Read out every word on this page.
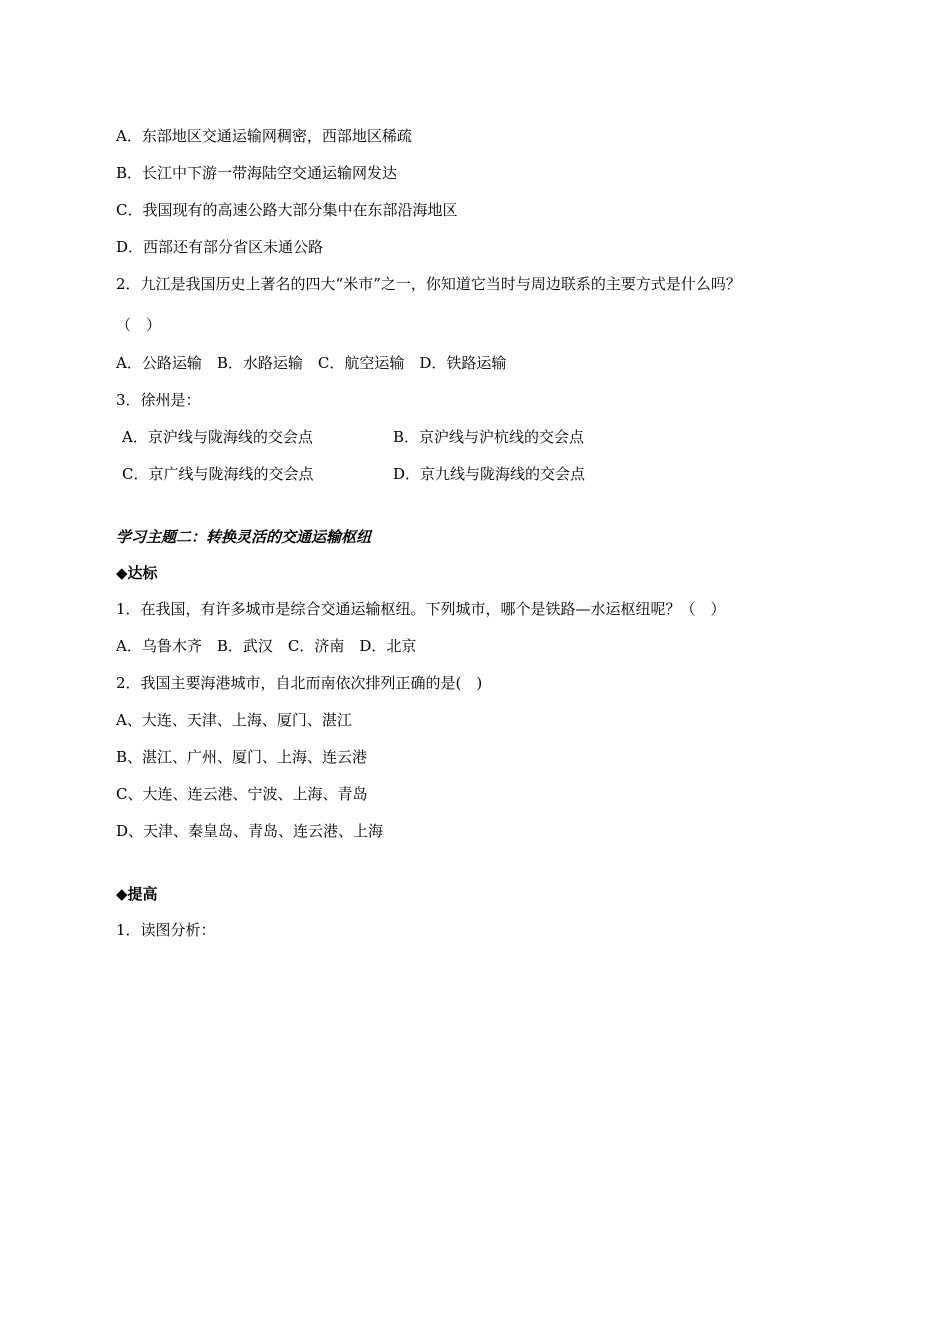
A．东部地区交通运输网稠密，西部地区稀疏
B．长江中下游一带海陆空交通运输网发达
C．我国现有的高速公路大部分集中在东部沿海地区
D．西部还有部分省区未通公路
2．九江是我国历史上著名的四大“米市”之一，你知道它当时与周边联系的主要方式是什么吗？
（　）
A．公路运输　B．水路运输　C．航空运输　D．铁路运输
3．徐州是：
A．京沪线与陇海线的交会点	B．京沪线与沪杭线的交会点
C．京广线与陇海线的交会点	D．京九线与陇海线的交会点
学习主题二：转换灵活的交通运输枢纽
◆达标
1．在我国，有许多城市是综合交通运输枢纽。下列城市，哪个是铁路—水运枢纽呢？（　）
A．乌鲁木齐　B．武汉　C．济南　D．北京
2．我国主要海港城市，自北而南依次排列正确的是(　)
A、大连、天津、上海、厦门、湛江
B、湛江、广州、厦门、上海、连云港
C、大连、连云港、宁波、上海、青岛
D、天津、秦皇岛、青岛、连云港、上海
◆提高
1．读图分析：
